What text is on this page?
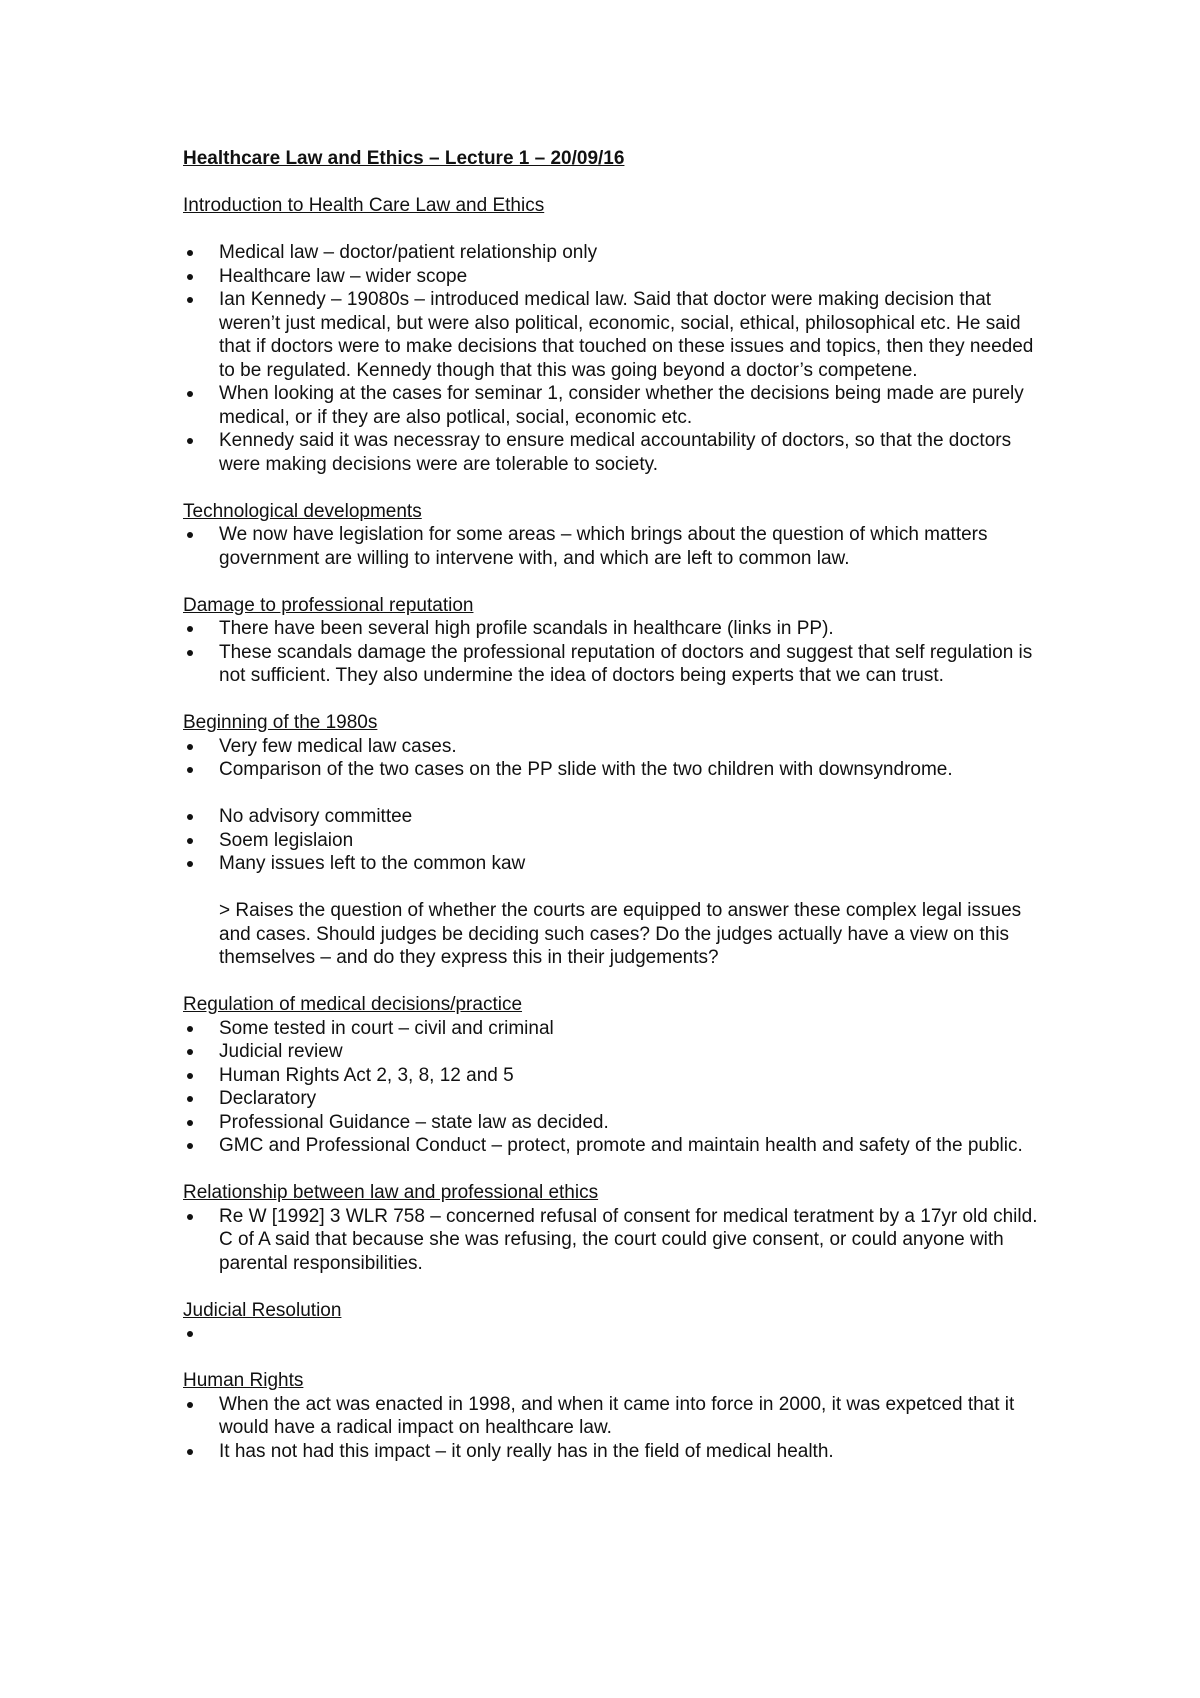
Healthcare Law and Ethics – Lecture 1 – 20/09/16

Introduction to Health Care Law and Ethics

Medical law – doctor/patient relationship only
Healthcare law – wider scope
Ian Kennedy – 19080s – introduced medical law. Said that doctor were making decision that weren’t just medical, but were also political, economic, social, ethical, philosophical etc. He said that if doctors were to make decisions that touched on these issues and topics, then they needed to be regulated. Kennedy though that this was going beyond a doctor’s competene.
When looking at the cases for seminar 1, consider whether the decisions being made are purely medical, or if they are also potlical, social, economic etc.
Kennedy said it was necessray to ensure medical accountability of doctors, so that the doctors were making decisions were are tolerable to society.

Technological developments

We now have legislation for some areas – which brings about the question of which matters government are willing to intervene with, and which are left to common law.

Damage to professional reputation

There have been several high profile scandals in healthcare (links in PP).
These scandals damage the professional reputation of doctors and suggest that self regulation is not sufficient. They also undermine the idea of doctors being experts that we can trust.

Beginning of the 1980s

Very few medical law cases.
Comparison of the two cases on the PP slide with the two children with downsyndrome.
No advisory committee
Soem legislaion
Many issues left to the common kaw

> Raises the question of whether the courts are equipped to answer these complex legal issues and cases. Should judges be deciding such cases? Do the judges actually have a view on this themselves – and do they express this in their judgements?

Regulation of medical decisions/practice

Some tested in court – civil and criminal
Judicial review
Human Rights Act 2, 3, 8, 12 and 5
Declaratory
Professional Guidance – state law as decided.
GMC and Professional Conduct – protect, promote and maintain health and safety of the public.

Relationship between law and professional ethics

Re W [1992] 3 WLR 758 – concerned refusal of consent for medical teratment by a 17yr old child. C of A said that because she was refusing, the court could give consent, or could anyone with parental responsibilities.

Judicial Resolution

Human Rights

When the act was enacted in 1998, and when it came into force in 2000, it was expetced that it would have a radical impact on healthcare law.
It has not had this impact – it only really has in the field of medical health.
